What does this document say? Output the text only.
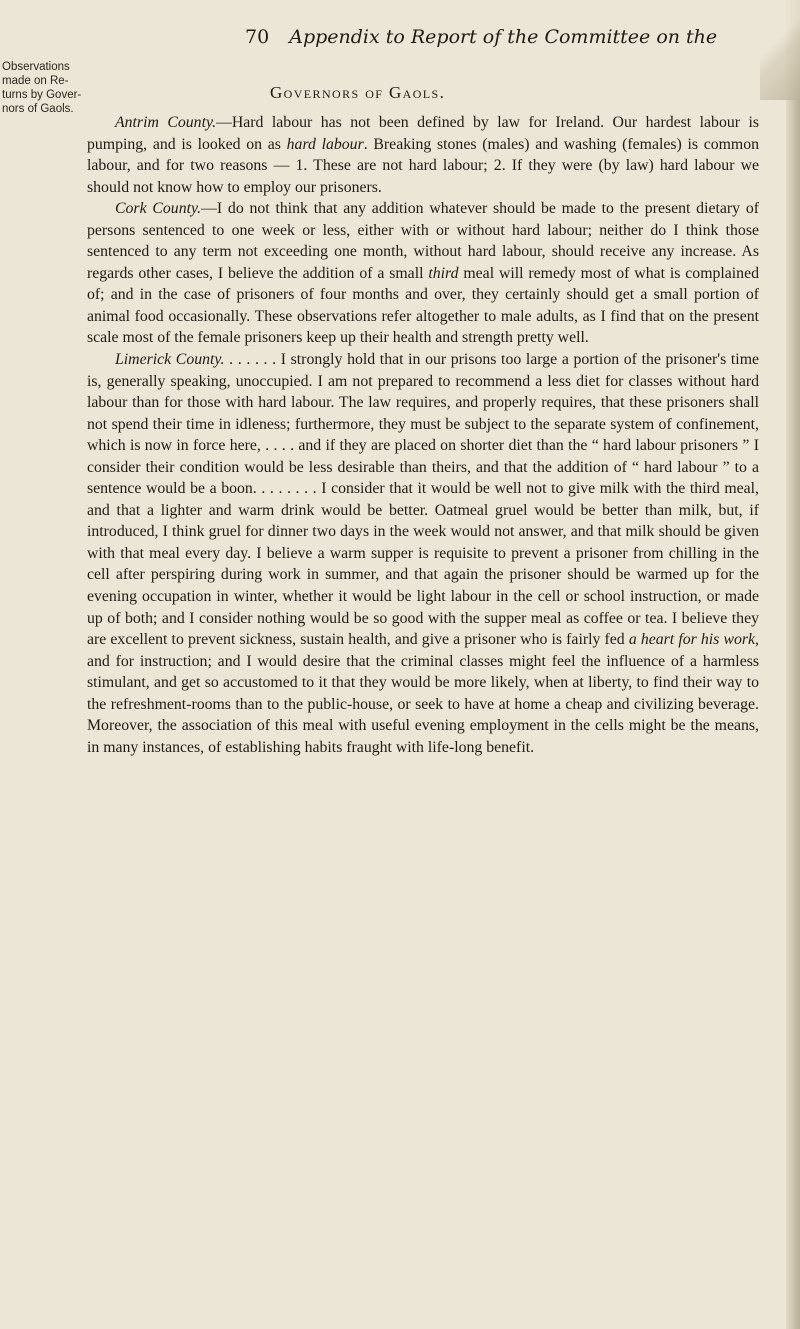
70 Appendix to Report of the Committee on the
Observations made on Re-turns by Gover-nors of Gaols.
Governors of Gaols.

Antrim County.—Hard labour has not been defined by law for Ireland. Our hardest labour is pumping, and is looked on as hard labour. Breaking stones (males) and washing (females) is common labour, and for two reasons — 1. These are not hard labour; 2. If they were (by law) hard labour we should not know how to employ our prisoners.

Cork County.—I do not think that any addition whatever should be made to the present dietary of persons sentenced to one week or less, either with or without hard labour; neither do I think those sentenced to any term not exceeding one month, without hard labour, should receive any increase. As regards other cases, I believe the addition of a small third meal will remedy most of what is complained of; and in the case of prisoners of four months and over, they certainly should get a small portion of animal food occasionally. These observations refer altogether to male adults, as I find that on the present scale most of the female prisoners keep up their health and strength pretty well.

Limerick County. . . . . . . I strongly hold that in our prisons too large a portion of the prisoner's time is, generally speaking, unoccupied. I am not prepared to recommend a less diet for classes without hard labour than for those with hard labour. The law requires, and properly requires, that these prisoners shall not spend their time in idleness; furthermore, they must be subject to the separate system of confinement, which is now in force here, . . . . and if they are placed on shorter diet than the “ hard labour prisoners ” I consider their condition would be less desirable than theirs, and that the addition of “ hard labour ” to a sentence would be a boon. . . . . . . . I consider that it would be well not to give milk with the third meal, and that a lighter and warm drink would be better. Oatmeal gruel would be better than milk, but, if introduced, I think gruel for dinner two days in the week would not answer, and that milk should be given with that meal every day. I believe a warm supper is requisite to prevent a prisoner from chilling in the cell after perspiring during work in summer, and that again the prisoner should be warmed up for the evening occupation in winter, whether it would be light labour in the cell or school instruction, or made up of both; and I consider nothing would be so good with the supper meal as coffee or tea. I believe they are excellent to prevent sickness, sustain health, and give a prisoner who is fairly fed a heart for his work, and for instruction; and I would desire that the criminal classes might feel the influence of a harmless stimulant, and get so accustomed to it that they would be more likely, when at liberty, to find their way to the refreshment-rooms than to the public-house, or seek to have at home a cheap and civilizing beverage. Moreover, the association of this meal with useful evening employment in the cells might be the means, in many instances, of establishing habits fraught with life-long benefit.
